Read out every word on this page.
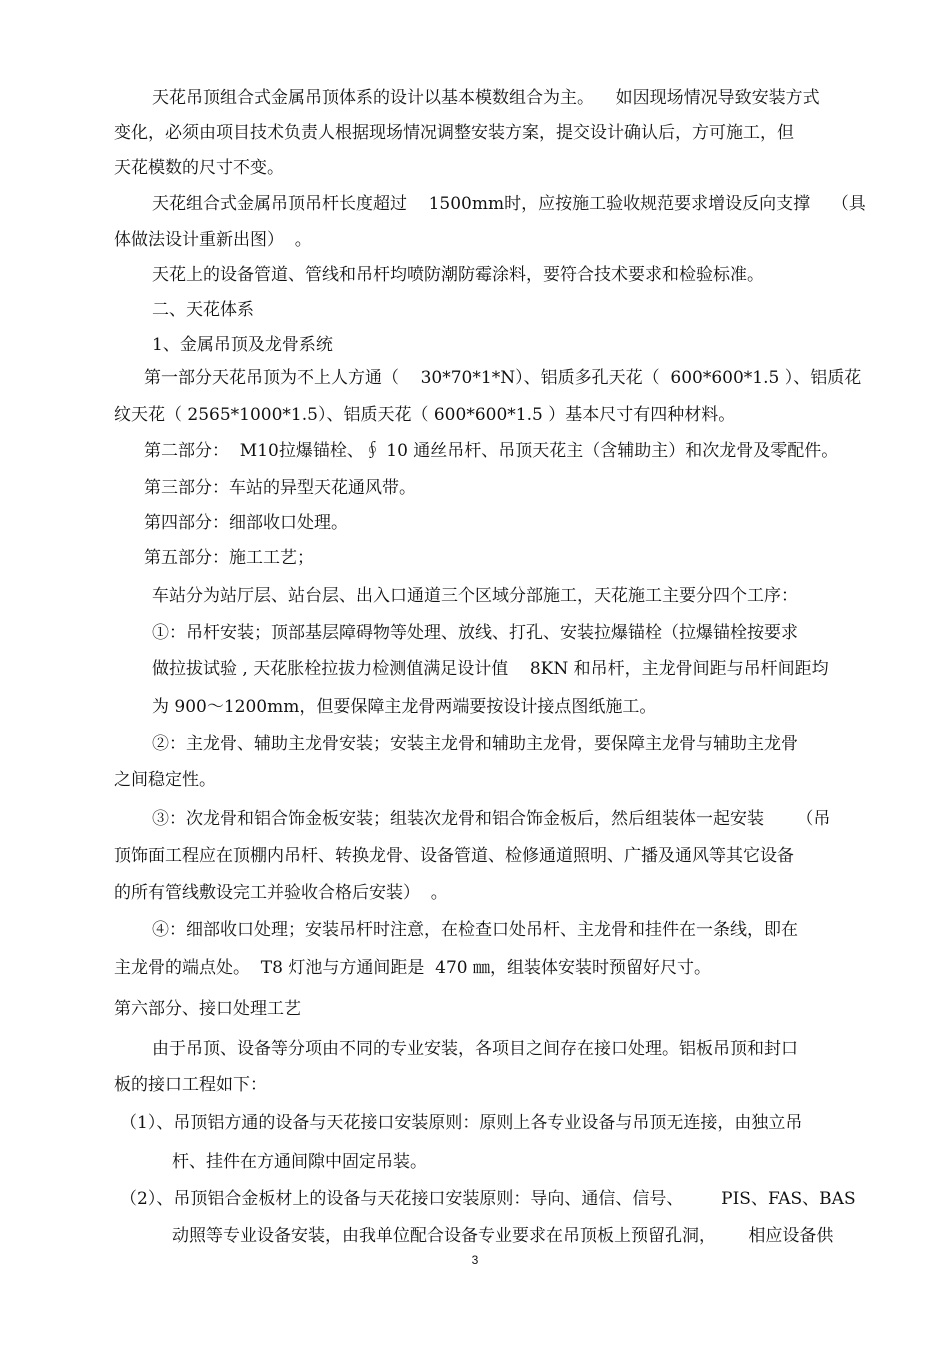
天花吊顶组合式金属吊顶体系的设计以基本模数组合为主。    如因现场情况导致安装方式
变化，必须由项目技术负责人根据现场情况调整安装方案，提交设计确认后，方可施工，但
天花模数的尺寸不变。
天花组合式金属吊顶吊杆长度超过    1500mm时，应按施工验收规范要求增设反向支撑    （具
体做法设计重新出图）  。
天花上的设备管道、管线和吊杆均喷防潮防霉涂料，要符合技术要求和检验标准。
二、天花体系
1、金属吊顶及龙骨系统
第一部分天花吊顶为不上人方通（    30*70*1*N）、铝质多孔天花（  600*600*1.5 ）、铝质花
纹天花（ 2565*1000*1.5）、铝质天花（ 600*600*1.5 ）基本尺寸有四种材料。
第二部分：  M10拉爆锚栓、∮ 10 通丝吊杆、吊顶天花主（含辅助主）和次龙骨及零配件。
第三部分：车站的异型天花通风带。
第四部分：细部收口处理。
第五部分：施工工艺；
车站分为站厅层、站台层、出入口通道三个区域分部施工，天花施工主要分四个工序：
①：吊杆安装；顶部基层障碍物等处理、放线、打孔、安装拉爆锚栓（拉爆锚栓按要求
做拉拔试验 , 天花胀栓拉拔力检测值满足设计值    8KN 和吊杆，主龙骨间距与吊杆间距均
为 900～1200mm，但要保障主龙骨两端要按设计接点图纸施工。
②：主龙骨、辅助主龙骨安装；安装主龙骨和辅助主龙骨，要保障主龙骨与辅助主龙骨
之间稳定性。
③：次龙骨和铝合饰金板安装；组装次龙骨和铝合饰金板后，然后组装体一起安装      （吊
顶饰面工程应在顶棚内吊杆、转换龙骨、设备管道、检修通道照明、广播及通风等其它设备
的所有管线敷设完工并验收合格后安装）  。
④：细部收口处理；安装吊杆时注意，在检查口处吊杆、主龙骨和挂件在一条线，即在
主龙骨的端点处。  T8 灯池与方通间距是  470 ㎜，组装体安装时预留好尺寸。
第六部分、接口处理工艺
由于吊顶、设备等分项由不同的专业安装，各项目之间存在接口处理。铝板吊顶和封口
板的接口工程如下：
（1）、吊顶铝方通的设备与天花接口安装原则：原则上各专业设备与吊顶无连接，由独立吊
杆、挂件在方通间隙中固定吊装。
（2）、吊顶铝合金板材上的设备与天花接口安装原则：导向、通信、信号、       PIS、FAS、BAS
动照等专业设备安装，由我单位配合设备专业要求在吊顶板上预留孔洞，      相应设备供
3
